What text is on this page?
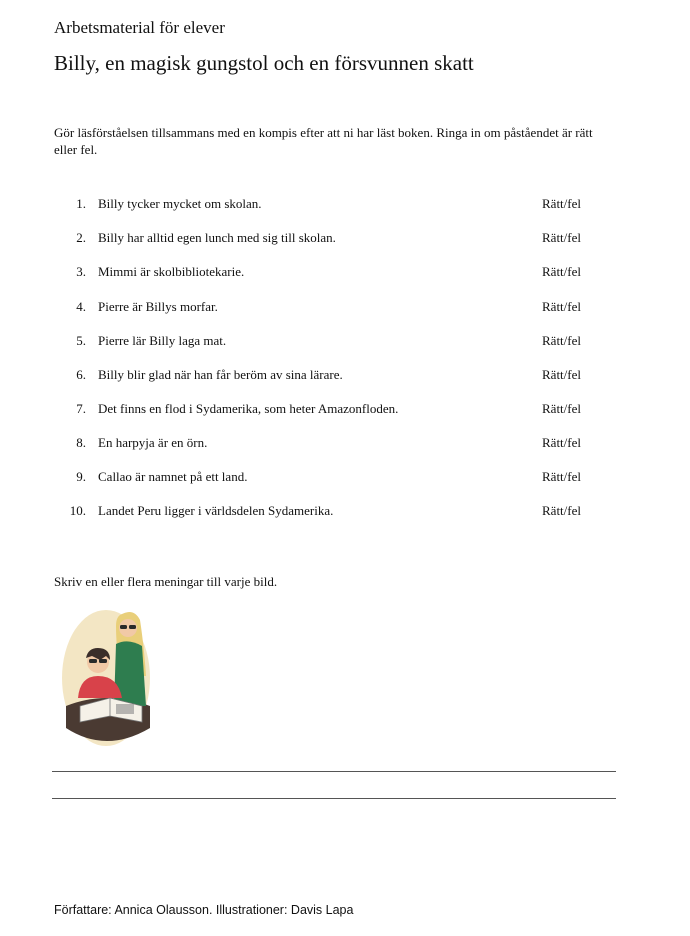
Arbetsmaterial för elever
Billy, en magisk gungstol och en försvunnen skatt
Gör läsförståelsen tillsammans med en kompis efter att ni har läst boken. Ringa in om påståendet är rätt eller fel.
1. Billy tycker mycket om skolan.	Rätt/fel
2. Billy har alltid egen lunch med sig till skolan.	Rätt/fel
3. Mimmi är skolbibliotekarie.	Rätt/fel
4. Pierre är Billys morfar.	Rätt/fel
5. Pierre lär Billy laga mat.	Rätt/fel
6. Billy blir glad när han får beröm av sina lärare.	Rätt/fel
7. Det finns en flod i Sydamerika, som heter Amazonfloden.	Rätt/fel
8. En harpyja är en örn.	Rätt/fel
9. Callao är namnet på ett land.	Rätt/fel
10. Landet Peru ligger i världsdelen Sydamerika.	Rätt/fel
Skriv en eller flera meningar till varje bild.
Författare: Annica Olausson. Illustrationer: Davis Lapa
